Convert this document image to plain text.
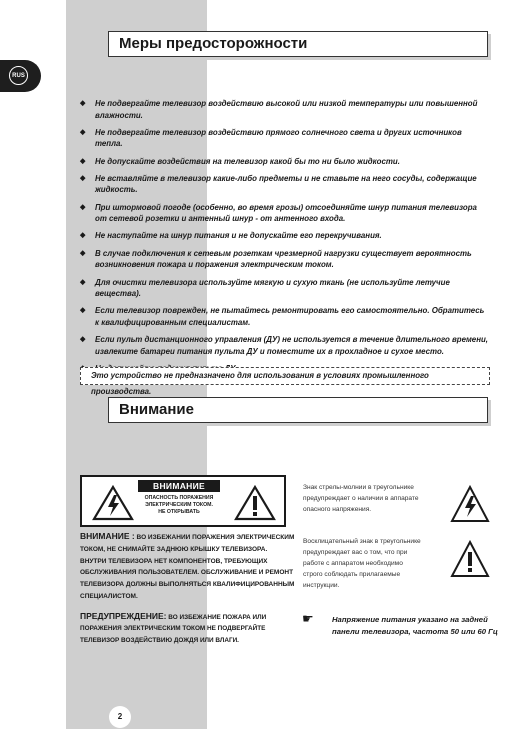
RUS
Меры предосторожности
◆ Не подвергайте телевизор воздействию высокой или низкой температуры или повышенной влажности.
◆ Не подвергайте телевизор воздействию прямого солнечного света и других источников тепла.
◆ Не допускайте воздействия на телевизор какой бы то ни было жидкости.
◆ Не вставляйте в телевизор какие-либо предметы и не ставьте на него сосуды, содержащие жидкость.
◆ При штормовой погоде (особенно, во время грозы) отсоединяйте шнур питания телевизора от сетевой розетки и антенный шнур - от антенного входа.
◆ Не наступайте на шнур питания и не допускайте его перекручивания.
◆ В случае подключения к сетевым розеткам чрезмерной нагрузки существует вероятность возникновения пожара и поражения электрическим током.
◆ Для очистки телевизора используйте мягкую и сухую ткань (не используйте летучие вещества).
◆ Если телевизор поврежден, не пытайтесь ремонтировать его самостоятельно. Обратитесь к квалифицированным специалистам.
◆ Если пульт дистанционного управления (ДУ) не используется в течение длительного времени, извлеките батареи питания пульта ДУ и поместите их в прохладное и сухое место.
Это устройство не предназначено для использования в условиях промышленного производства.
Внимание
ВНИМАНИЕ
ОПАСНОСТЬ ПОРАЖЕНИЯ
ЭЛЕКТРИЧЕСКИМ ТОКОМ.
НЕ ОТКРЫВАТЬ

ВНИМАНИЕ : ВО ИЗБЕЖАНИИ ПОРАЖЕНИЯ ЭЛЕКТРИЧЕСКИМ ТОКОМ, НЕ СНИМАЙТЕ ЗАДНЮЮ КРЫШКУ ТЕЛЕВИЗОРА. ВНУТРИ ТЕЛЕВИЗОРА НЕТ КОМПОНЕНТОВ, ТРЕБУЮЩИХ ОБСЛУЖИВАНИЯ ПОЛЬЗОВАТЕЛЕМ. ОБСЛУЖИВАНИЕ И РЕМОНТ ТЕЛЕВИЗОРА ДОЛЖНЫ ВЫПОЛНЯТЬСЯ КВАЛИФИЦИРОВАННЫМ СПЕЦИАЛИСТОМ.

ПРЕДУПРЕЖДЕНИЕ: ВО ИЗБЕЖАНИЕ ПОЖАРА ИЛИ ПОРАЖЕНИЯ ЭЛЕКТРИЧЕСКИМ ТОКОМ НЕ ПОДВЕРГАЙТЕ ТЕЛЕВИЗОР ВОЗДЕЙСТВИЮ ДОЖДЯ ИЛИ ВЛАГИ.

Знак стрелы-молнии в треугольнике предупреждает о наличии в аппарате опасного напряжения.
Восклицательный знак в треугольнике предупреждает вас о том, что при работе с аппаратом необходимо строго соблюдать прилагаемые инструкции.
☛	Напряжение питания указано на задней панели телевизора, частота 50 или 60 Гц
2
